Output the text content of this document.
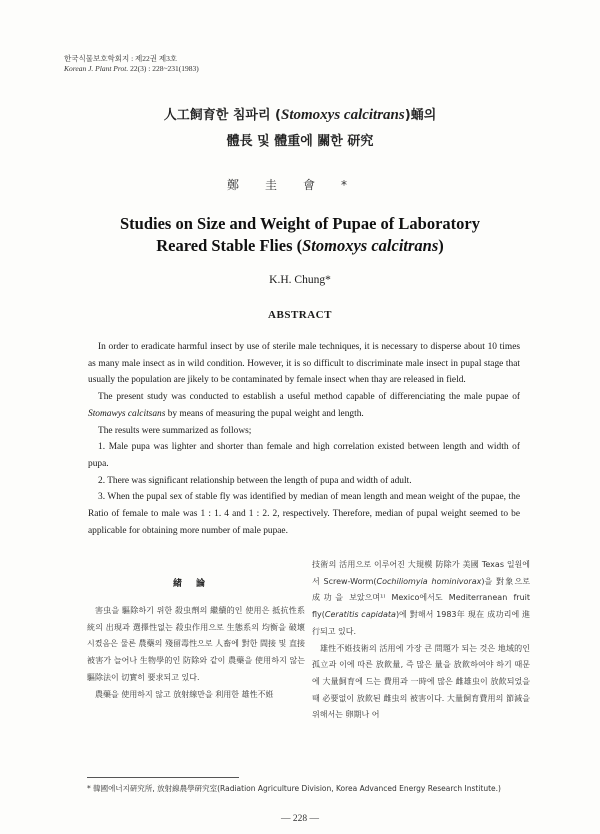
한국식물보호학회지 : 제22권 제3호
Korean J. Plant Prot. 22(3) : 228~231(1983)
人工飼育한 침파리 (Stomoxys calcitrans)蛹의
體長 및 體重에 關한 研究
鄭圭會*
Studies on Size and Weight of Pupae of Laboratory
Reared Stable Flies (Stomoxys calcitrans)
K.H. Chung*
ABSTRACT

In order to eradicate harmful insect by use of sterile male techniques, it is necessary to disperse about 10 times as many male insect as in wild condition. However, it is so difficult to discriminate male insect in pupal stage that usually the population are jikely to be contaminated by female insect when thay are released in field.

The present study was conducted to establish a useful method capable of differenciating the male pupae of Stomawys calcitsans by means of measuring the pupal weight and length.

The results were summarized as follows;

1. Male pupa was lighter and shorter than female and high correlation existed between length and width of pupa.

2. There was significant relationship between the length of pupa and width of adult.

3. When the pupal sex of stable fly was identified by median of mean length and mean weight of the pupae, the Ratio of female to male was 1 : 1. 4 and 1 : 2. 2, respectively. Therefore, median of pupal weight seemed to be applicable for obtaining more number of male pupae.

緒論

害虫을 驅除하기 위한 殺虫劑의 繼續的인 使用은 抵抗性系統의 出現과 選擇性없는 殺虫作用으로 生態系의 均衡을 破壞시켰음은 물론 農藥의 殘留毒性으로 人畜에 對한 間接 및 直接被害가 늘어나 生物學的인 防除와 같이 農藥을 使用하지 않는 驅除法이 切實히 要求되고 있다.

農藥을 使用하지 않고 放射線만을 利用한 雄性不姙

技術의 活用으로 이루어진 大規模 防除가 美國 Texas 일원에서 Screw-Worm(Cochiliomyia hominivorax)을 對象으로 成功을 보았으며¹⁾ Mexico에서도 Mediterranean fruit fly(Ceratitis capidata)에 對해서 1983年 現在 成功리에 進行되고 있다.

雄性不姙技術의 活用에 가장 큰 問題가 되는 것은 地域的인 孤立과 이에 따른 放飮量, 즉 많은 量을 放飮하여야 하기 때문에 大量飼育에 드는 費用과 一時에 많은 雌雄虫이 放飮되었을 때 必要없이 放飮된 雌虫의 被害이다. 大量飼育費用의 節減을 위해서는 卵期나 어

* 韓國에너지硏究所, 放射線農學硏究室(Radiation Agriculture Division, Korea Advanced Energy Research Institute.)
— 228 —
